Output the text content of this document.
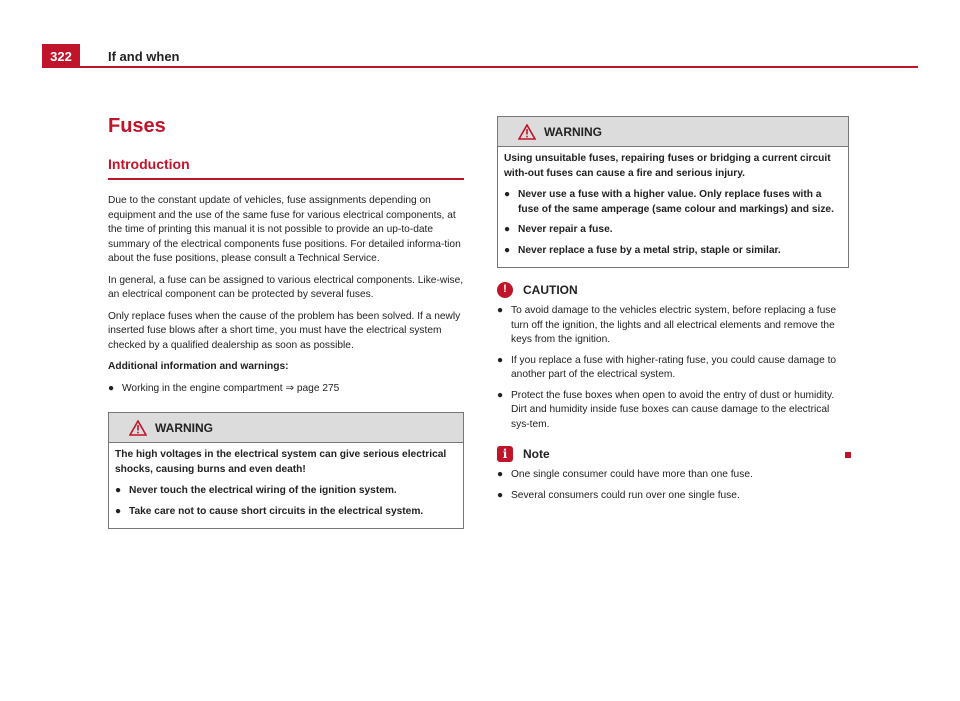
322	If and when
Fuses
Introduction

Due to the constant update of vehicles, fuse assignments depending on equipment and the use of the same fuse for various electrical components, at the time of printing this manual it is not possible to provide an up-to-date summary of the electrical components fuse positions. For detailed informa-tion about the fuse positions, please consult a Technical Service.

In general, a fuse can be assigned to various electrical components. Like-wise, an electrical component can be protected by several fuses.

Only replace fuses when the cause of the problem has been solved. If a newly inserted fuse blows after a short time, you must have the electrical system checked by a qualified dealership as soon as possible.

Additional information and warnings:

● Working in the engine compartment ⇒ page 275
WARNING

The high voltages in the electrical system can give serious electrical shocks, causing burns and even death!

● Never touch the electrical wiring of the ignition system.
● Take care not to cause short circuits in the electrical system.
WARNING

Using unsuitable fuses, repairing fuses or bridging a current circuit with-out fuses can cause a fire and serious injury.

● Never use a fuse with a higher value. Only replace fuses with a fuse of the same amperage (same colour and markings) and size.
● Never repair a fuse.
● Never replace a fuse by a metal strip, staple or similar.
!	CAUTION
● To avoid damage to the vehicles electric system, before replacing a fuse turn off the ignition, the lights and all electrical elements and remove the keys from the ignition.
● If you replace a fuse with higher-rating fuse, you could cause damage to another part of the electrical system.
● Protect the fuse boxes when open to avoid the entry of dust or humidity. Dirt and humidity inside fuse boxes can cause damage to the electrical sys-tem.
i	Note
● One single consumer could have more than one fuse.
● Several consumers could run over one single fuse.
